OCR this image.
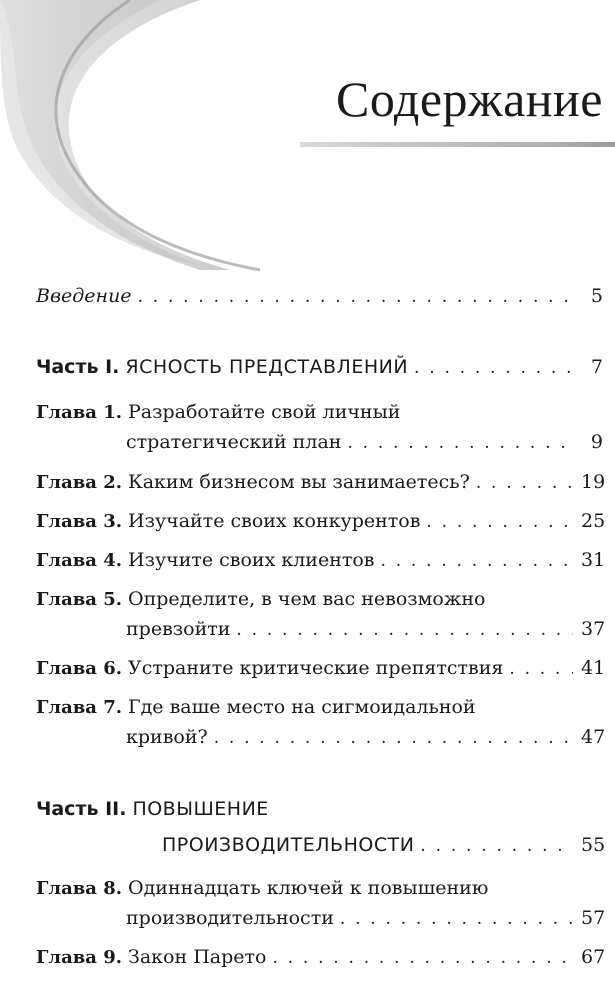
Содержание
Введение . . .	5
Часть I. ЯСНОСТЬ ПРЕДСТАВЛЕНИЙ . . .	7
Глава 1. Разработайте свой личный
стратегический план . . .	9
Глава 2. Каким бизнесом вы занимаетесь? . . .	19
Глава 3. Изучайте своих конкурентов . . .	25
Глава 4. Изучите своих клиентов . . .	31
Глава 5. Определите, в чем вас невозможно
превзойти . . .	37
Глава 6. Устраните критические препятствия . . .	41
Глава 7. Где ваше место на сигмоидальной
кривой? . . .	47
Часть II. ПОВЫШЕНИЕ
ПРОИЗВОДИТЕЛЬНОСТИ . . .	55
Глава 8. Одиннадцать ключей к повышению
производительности . . .	57
Глава 9. Закон Парето . . .	67
